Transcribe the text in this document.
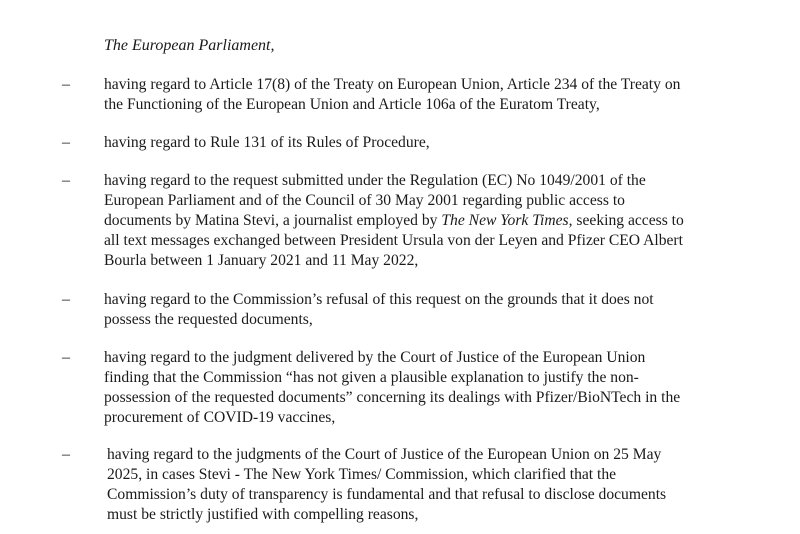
The European Parliament,
– having regard to Article 17(8) of the Treaty on European Union, Article 234 of the Treaty on
the Functioning of the European Union and Article 106a of the Euratom Treaty,
– having regard to Rule 131 of its Rules of Procedure,
– having regard to the request submitted under the Regulation (EC) No 1049/2001 of the
European Parliament and of the Council of 30 May 2001 regarding public access to
documents by Matina Stevi, a journalist employed by The New York Times, seeking access to
all text messages exchanged between President Ursula von der Leyen and Pfizer CEO Albert
Bourla between 1 January 2021 and 11 May 2022,
– having regard to the Commission’s refusal of this request on the grounds that it does not
possess the requested documents,
– having regard to the judgment delivered by the Court of Justice of the European Union
finding that the Commission “has not given a plausible explanation to justify the non-
possession of the requested documents” concerning its dealings with Pfizer/BioNTech in the
procurement of COVID-19 vaccines,
– having regard to the judgments of the Court of Justice of the European Union on 25 May
2025, in cases Stevi - The New York Times/ Commission, which clarified that the
Commission’s duty of transparency is fundamental and that refusal to disclose documents
must be strictly justified with compelling reasons,
